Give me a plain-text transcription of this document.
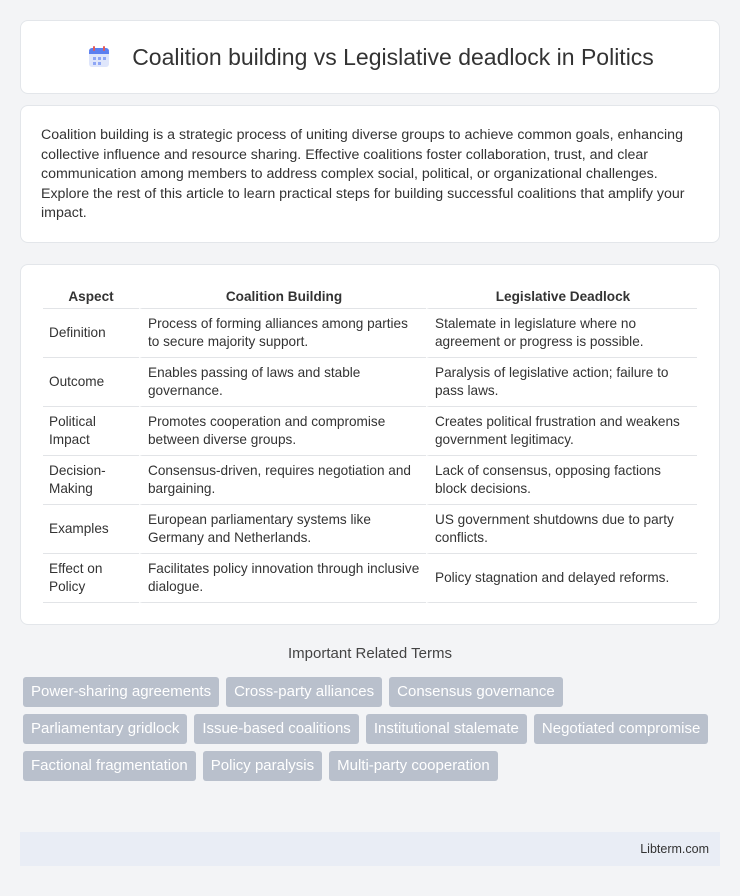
Coalition building vs Legislative deadlock in Politics

Coalition building is a strategic process of uniting diverse groups to achieve common goals, enhancing collective influence and resource sharing. Effective coalitions foster collaboration, trust, and clear communication among members to address complex social, political, or organizational challenges. Explore the rest of this article to learn practical steps for building successful coalitions that amplify your impact.

Aspect	Coalition Building	Legislative Deadlock
Definition	Process of forming alliances among parties to secure majority support.	Stalemate in legislature where no agreement or progress is possible.
Outcome	Enables passing of laws and stable governance.	Paralysis of legislative action; failure to pass laws.
Political Impact	Promotes cooperation and compromise between diverse groups.	Creates political frustration and weakens government legitimacy.
Decision-Making	Consensus-driven, requires negotiation and bargaining.	Lack of consensus, opposing factions block decisions.
Examples	European parliamentary systems like Germany and Netherlands.	US government shutdowns due to party conflicts.
Effect on Policy	Facilitates policy innovation through inclusive dialogue.	Policy stagnation and delayed reforms.
Important Related Terms
Power-sharing agreements	Cross-party alliances	Consensus governance
Parliamentary gridlock	Issue-based coalitions	Institutional stalemate	Negotiated compromise
Factional fragmentation	Policy paralysis	Multi-party cooperation
Libterm.com
